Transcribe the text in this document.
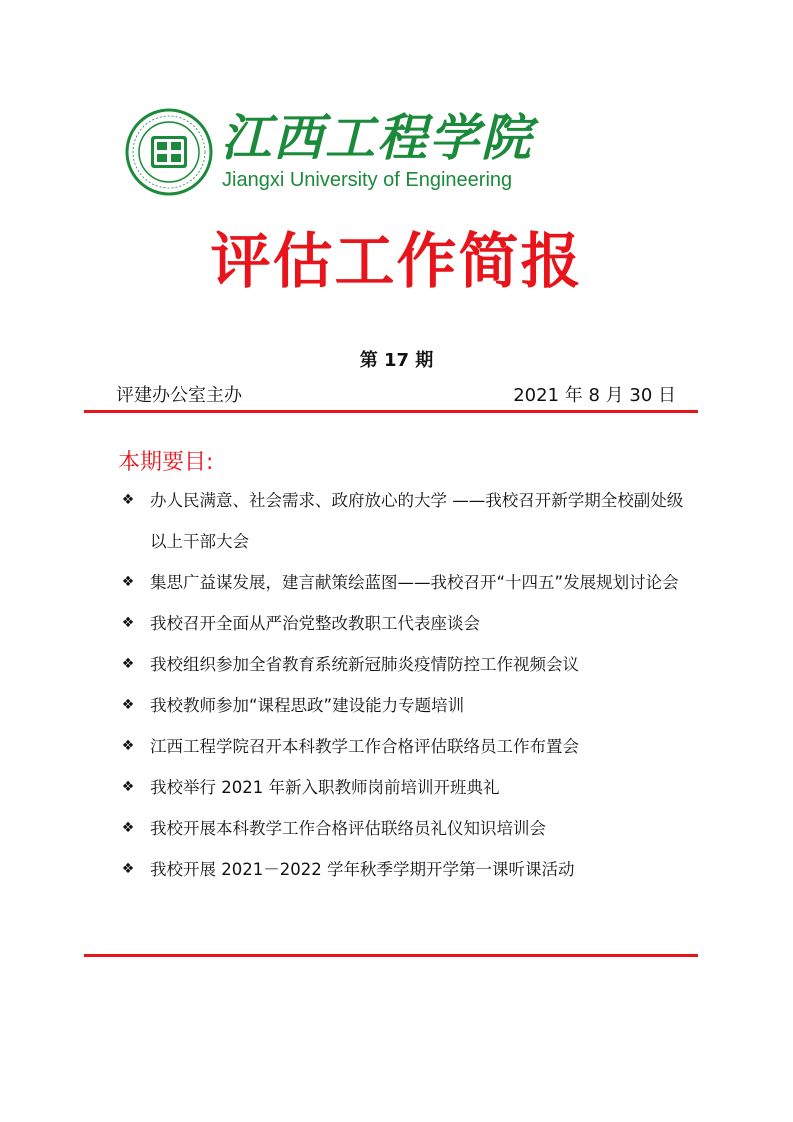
江西工程学院
Jiangxi University of Engineering
评估工作简报
第 17 期
评建办公室主办	2021 年 8 月 30 日
本期要目:
❖ 办人民满意、社会需求、政府放心的大学 ——我校召开新学期全校副处级以上干部大会
❖ 集思广益谋发展，建言献策绘蓝图——我校召开“十四五”发展规划讨论会
❖ 我校召开全面从严治党整改教职工代表座谈会
❖ 我校组织参加全省教育系统新冠肺炎疫情防控工作视频会议
❖ 我校教师参加“课程思政”建设能力专题培训
❖ 江西工程学院召开本科教学工作合格评估联络员工作布置会
❖ 我校举行 2021 年新入职教师岗前培训开班典礼
❖ 我校开展本科教学工作合格评估联络员礼仪知识培训会
❖ 我校开展 2021－2022 学年秋季学期开学第一课听课活动
